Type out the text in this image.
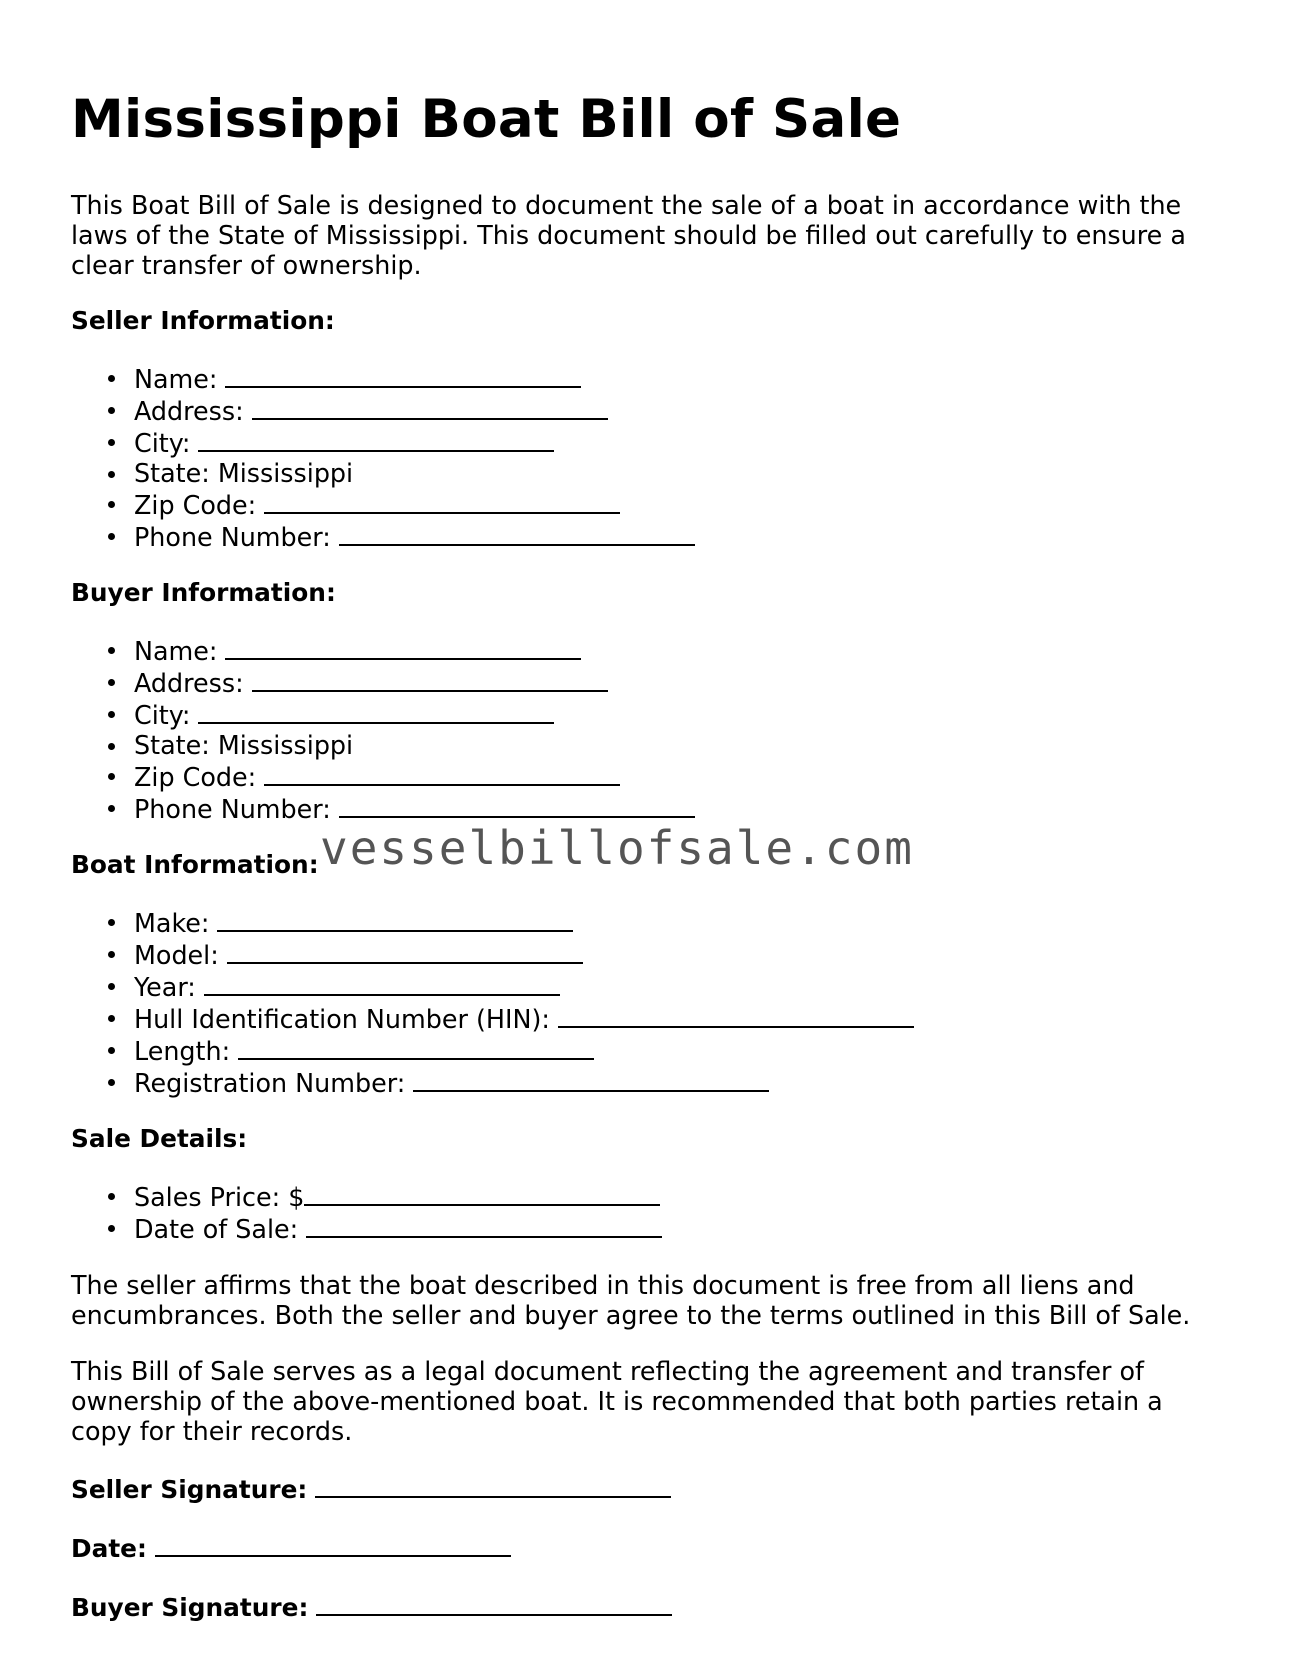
Mississippi Boat Bill of Sale

This Boat Bill of Sale is designed to document the sale of a boat in accordance with the laws of the State of Mississippi. This document should be filled out carefully to ensure a clear transfer of ownership.

Seller Information:
Name:
Address:
City:
State: Mississippi
Zip Code:
Phone Number:
Buyer Information:
Name:
Address:
City:
State: Mississippi
Zip Code:
Phone Number:
Boat Information:
Make:
Model:
Year:
Hull Identification Number (HIN):
Length:
Registration Number:
Sale Details:
Sales Price: $
Date of Sale:

The seller affirms that the boat described in this document is free from all liens and encumbrances. Both the seller and buyer agree to the terms outlined in this Bill of Sale.

This Bill of Sale serves as a legal document reflecting the agreement and transfer of ownership of the above-mentioned boat. It is recommended that both parties retain a copy for their records.

Seller Signature:
Date:
Buyer Signature:
vesselbillofsale.com
